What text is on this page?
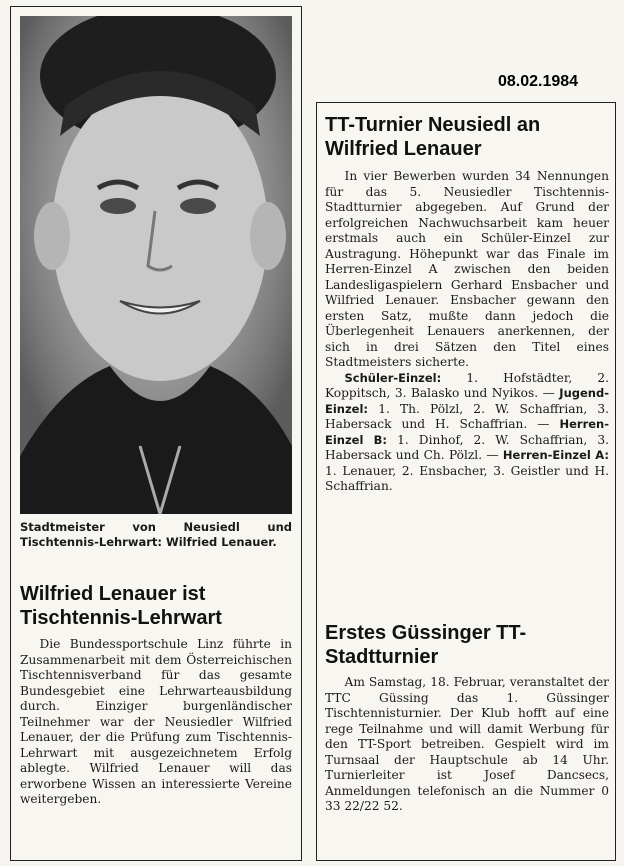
08.02.1984
Stadtmeister von Neusiedl und Tischtennis-Lehrwart: Wilfried Lenauer.
Wilfried Lenauer ist Tischtennis-Lehrwart

Die Bundessportschule Linz führte in Zusammenarbeit mit dem Österreichischen Tischtennisverband für das gesamte Bundesgebiet eine Lehrwarteausbildung durch. Einziger burgenländischer Teilnehmer war der Neusiedler Wilfried Lenauer, der die Prüfung zum Tischtennis-Lehrwart mit ausgezeichnetem Erfolg ablegte. Wilfried Lenauer will das erworbene Wissen an interessierte Vereine weitergeben.

TT-Turnier Neusiedl an Wilfried Lenauer

In vier Bewerben wurden 34 Nennungen für das 5. Neusiedler Tischtennis-Stadtturnier abgegeben. Auf Grund der erfolgreichen Nachwuchsarbeit kam heuer erstmals auch ein Schüler-Einzel zur Austragung. Höhepunkt war das Finale im Herren-Einzel A zwischen den beiden Landesligaspielern Gerhard Ensbacher und Wilfried Lenauer. Ensbacher gewann den ersten Satz, mußte dann jedoch die Überlegenheit Lenauers anerkennen, der sich in drei Sätzen den Titel eines Stadtmeisters sicherte.

Schüler-Einzel: 1. Hofstädter, 2. Koppitsch, 3. Balasko und Nyikos. — Jugend-Einzel: 1. Th. Pölzl, 2. W. Schaffrian, 3. Habersack und H. Schaffrian. — Herren-Einzel B: 1. Dinhof, 2. W. Schaffrian, 3. Habersack und Ch. Pölzl. — Herren-Einzel A: 1. Lenauer, 2. Ensbacher, 3. Geistler und H. Schaffrian.

Erstes Güssinger TT-Stadtturnier

Am Samstag, 18. Februar, veranstaltet der TTC Güssing das 1. Güssinger Tischtennisturnier. Der Klub hofft auf eine rege Teilnahme und will damit Werbung für den TT-Sport betreiben. Gespielt wird im Turnsaal der Hauptschule ab 14 Uhr. Turnierleiter ist Josef Dancsecs, Anmeldungen telefonisch an die Nummer 0 33 22/22 52.
